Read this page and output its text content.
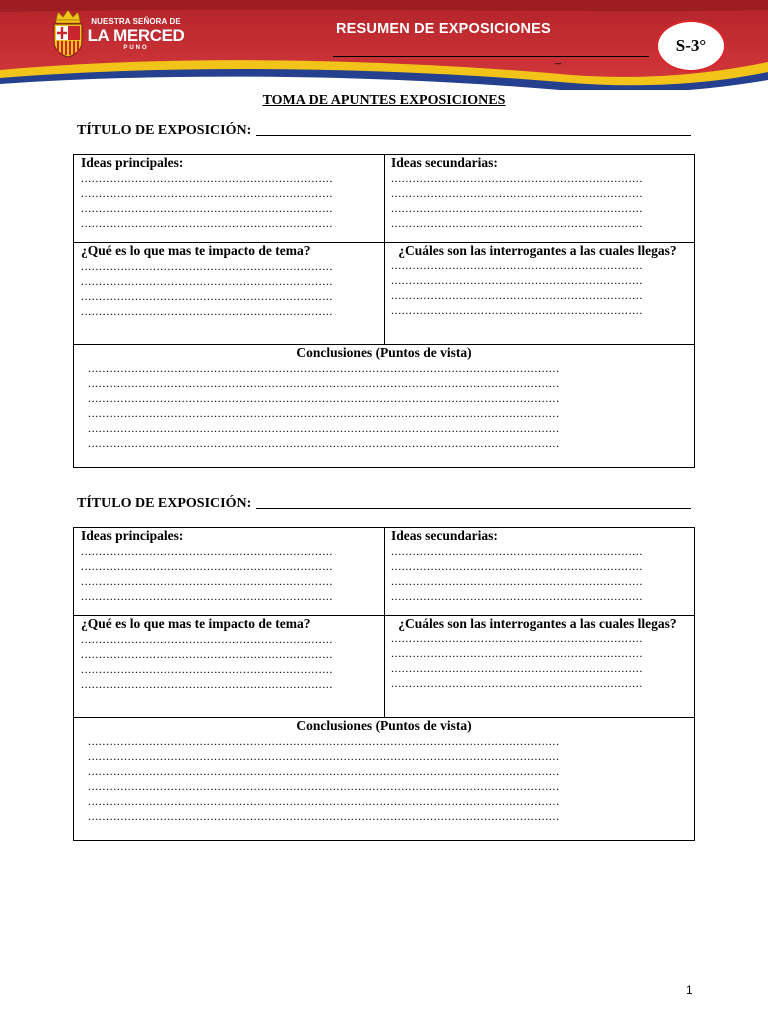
NUESTRA SEÑORA DE
LA MERCED
PUNO
RESUMEN DE EXPOSICIONES
_
S-3°
TOMA DE APUNTES EXPOSICIONES
TÍTULO DE EXPOSICIÓN:
Ideas principales:
......................................................................
......................................................................
......................................................................
......................................................................
Ideas secundarias:
......................................................................
......................................................................
......................................................................
......................................................................
¿Qué es lo que mas te impacto de tema?
......................................................................
......................................................................
......................................................................
......................................................................
¿Cuáles son las interrogantes a las cuales llegas?
......................................................................
......................................................................
......................................................................
......................................................................
Conclusiones (Puntos de vista)
...................................................................................................................................
...................................................................................................................................
...................................................................................................................................
...................................................................................................................................
...................................................................................................................................
...................................................................................................................................
TÍTULO DE EXPOSICIÓN:
Ideas principales:
......................................................................
......................................................................
......................................................................
......................................................................
Ideas secundarias:
......................................................................
......................................................................
......................................................................
......................................................................
¿Qué es lo que mas te impacto de tema?
......................................................................
......................................................................
......................................................................
......................................................................
¿Cuáles son las interrogantes a las cuales llegas?
......................................................................
......................................................................
......................................................................
......................................................................
Conclusiones (Puntos de vista)
...................................................................................................................................
...................................................................................................................................
...................................................................................................................................
...................................................................................................................................
...................................................................................................................................
...................................................................................................................................
1
